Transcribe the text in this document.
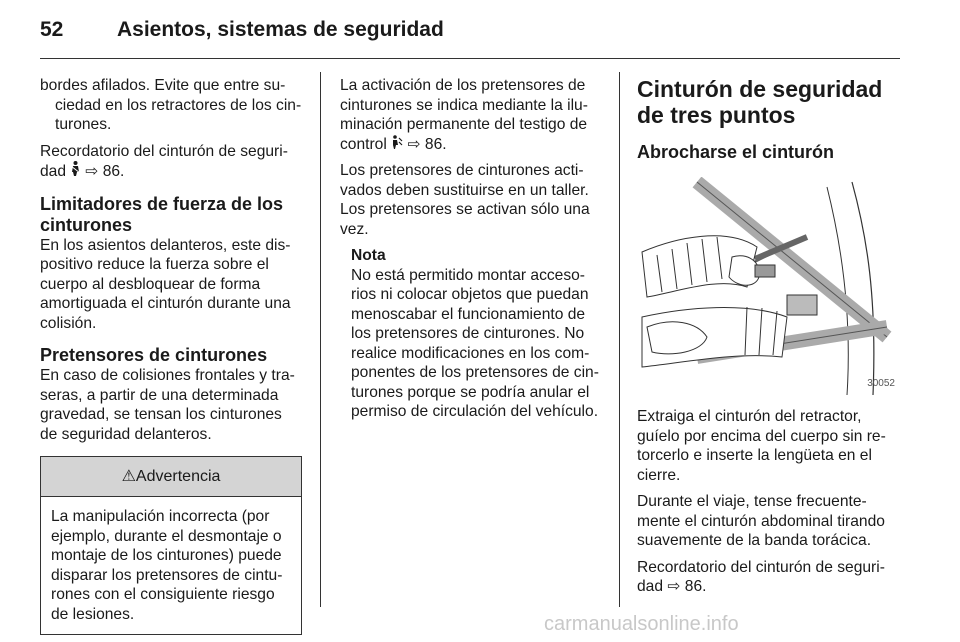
52	Asientos, sistemas de seguridad

bordes afilados. Evite que entre su-ciedad en los retractores de los cin-turones.

Recordatorio del cinturón de seguri-dad ⇨ 86.

Limitadores de fuerza de los cinturones

En los asientos delanteros, este dis-positivo reduce la fuerza sobre el cuerpo al desbloquear de forma amortiguada el cinturón durante una colisión.

Pretensores de cinturones

En caso de colisiones frontales y tra-seras, a partir de una determinada gravedad, se tensan los cinturones de seguridad delanteros.

⚠Advertencia
La manipulación incorrecta (por ejemplo, durante el desmontaje o montaje de los cinturones) puede disparar los pretensores de cintu-rones con el consiguiente riesgo de lesiones.

La activación de los pretensores de cinturones se indica mediante la ilu-minación permanente del testigo de control ⇨ 86.

Los pretensores de cinturones acti-vados deben sustituirse en un taller. Los pretensores se activan sólo una vez.

Nota
No está permitido montar acceso-rios ni colocar objetos que puedan menoscabar el funcionamiento de los pretensores de cinturones. No realice modificaciones en los com-ponentes de los pretensores de cin-turones porque se podría anular el permiso de circulación del vehículo.
Cinturón de seguridad de tres puntos
Abrocharse el cinturón
30052

Extraiga el cinturón del retractor, guíelo por encima del cuerpo sin re-torcerlo e inserte la lengüeta en el cierre.

Durante el viaje, tense frecuente-mente el cinturón abdominal tirando suavemente de la banda torácica.

Recordatorio del cinturón de seguri-dad ⇨ 86.

carmanualsonline.info
